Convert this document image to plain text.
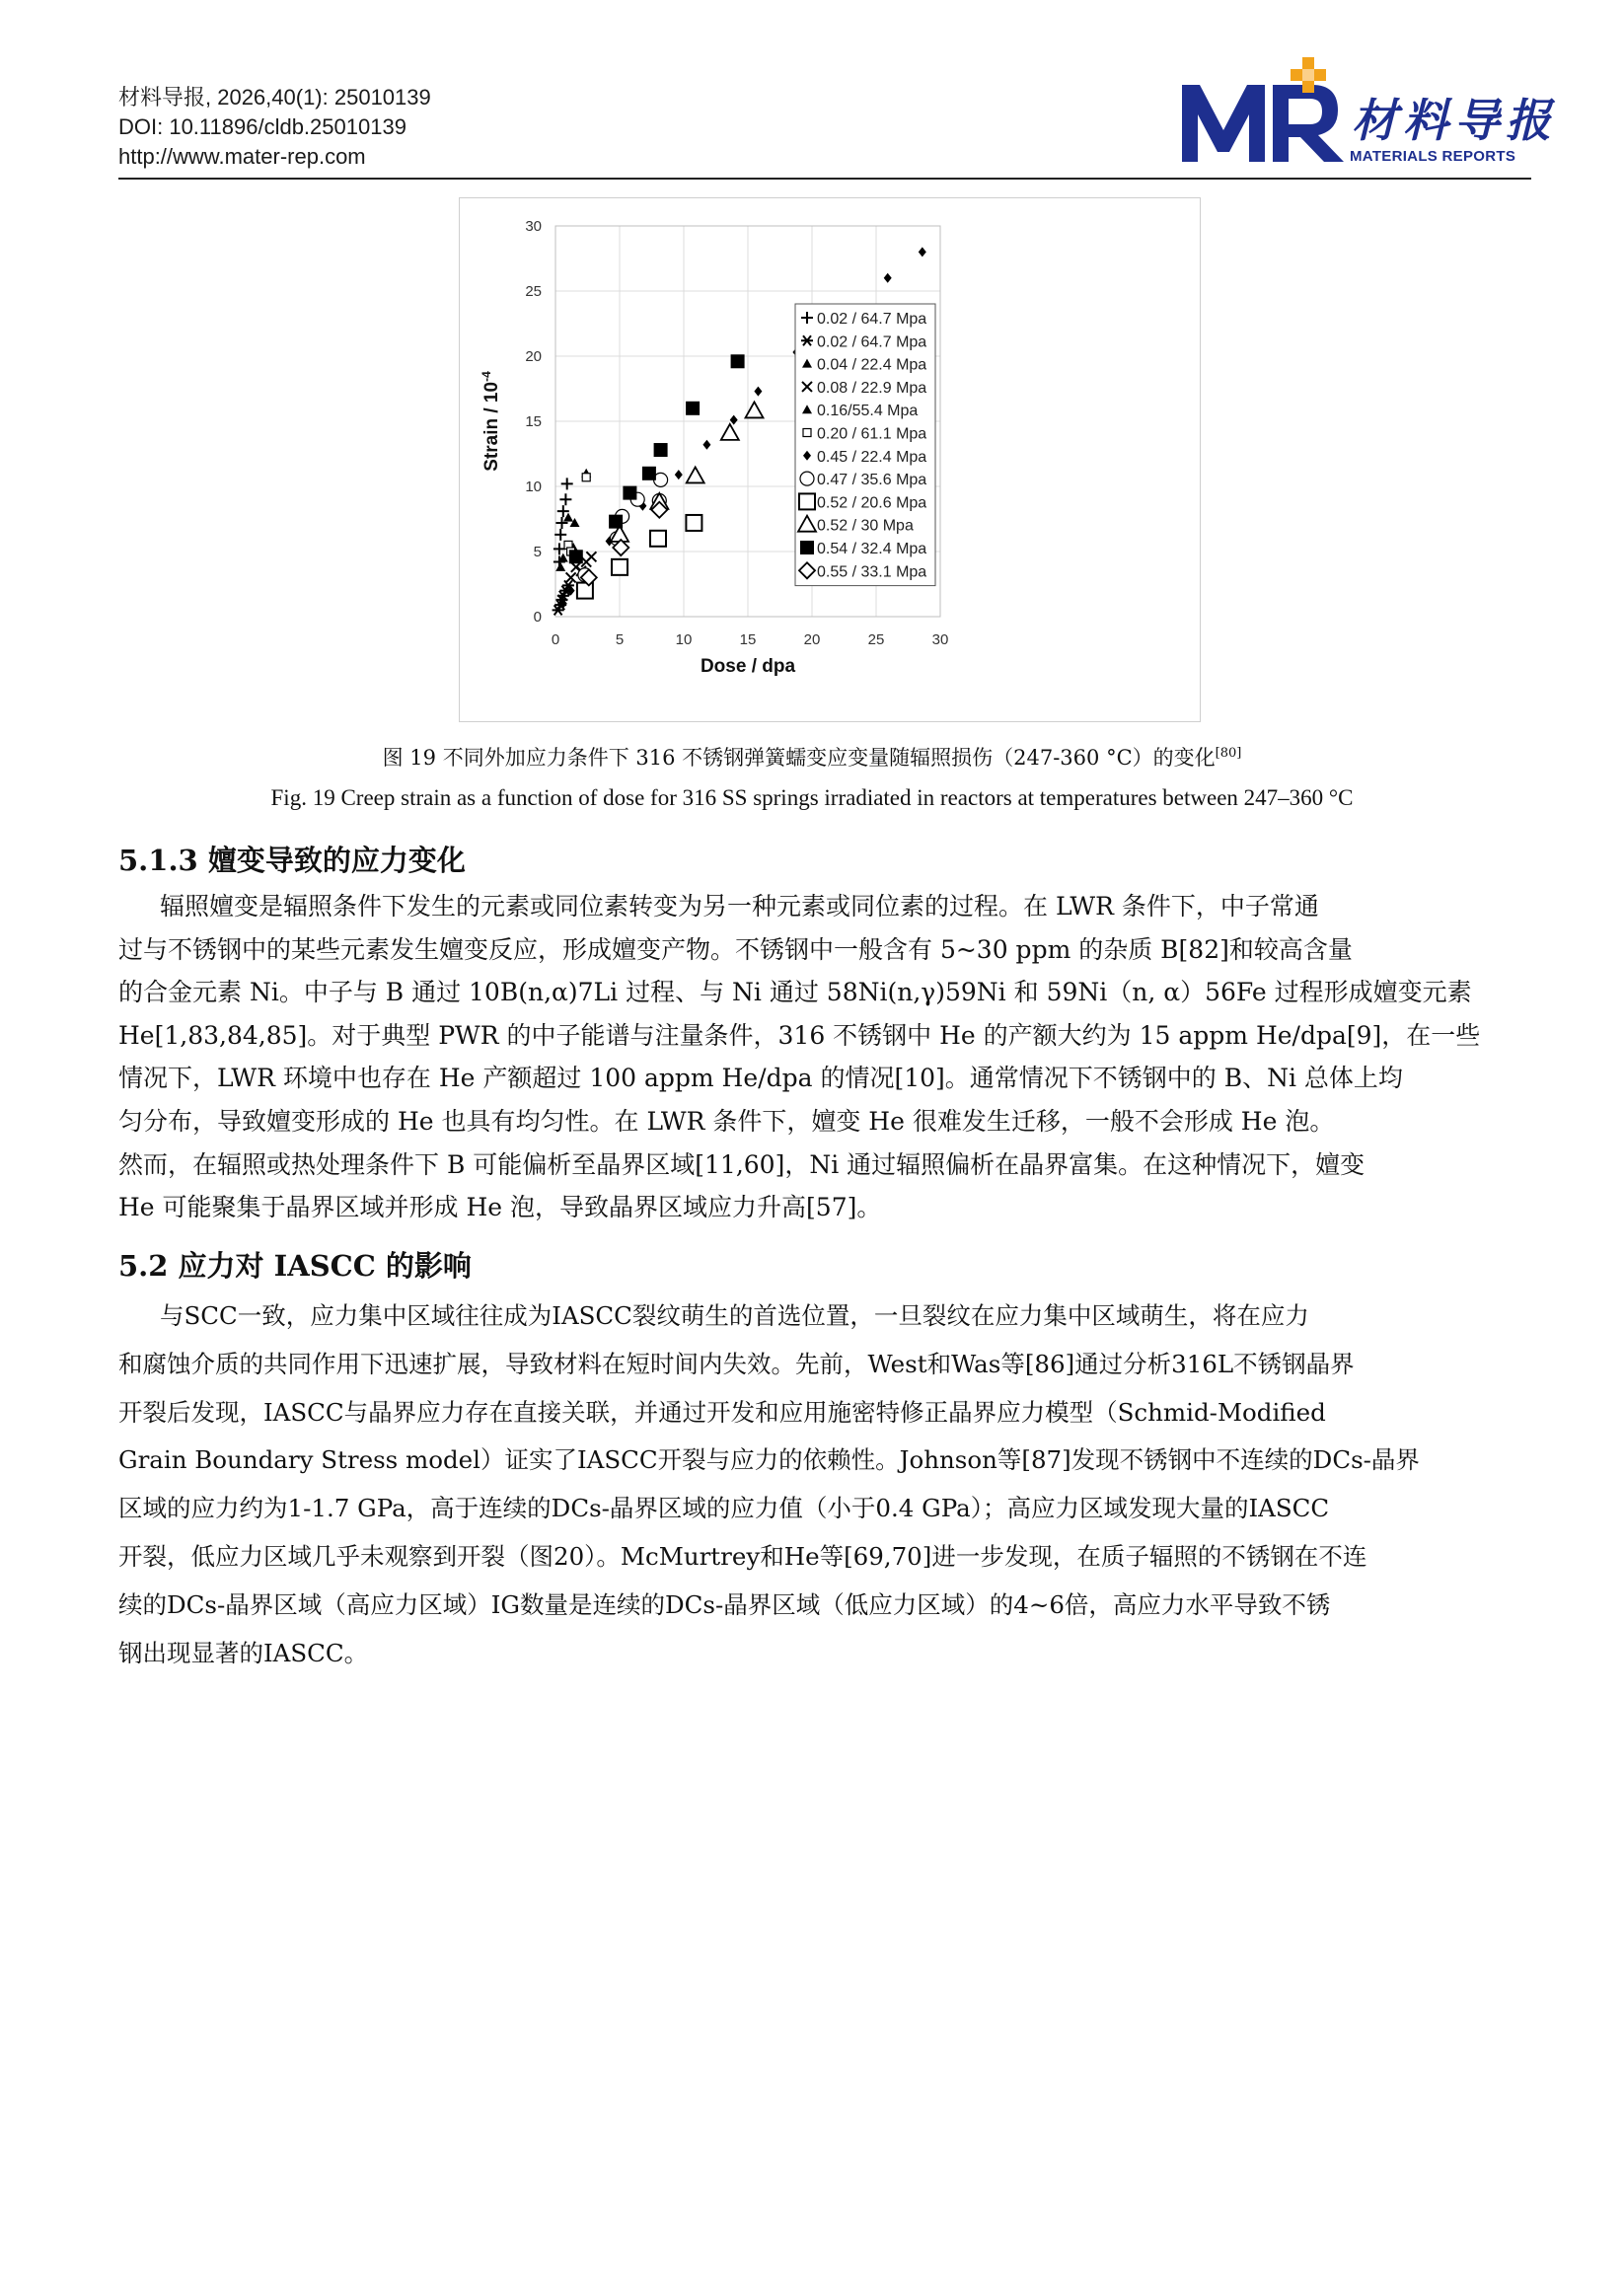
材料导报, 2026,40(1): 25010139
DOI: 10.11896/cldb.25010139
http://www.mater-rep.com
材料导报
MATERIALS REPORTS
0	5	10	15	20	25	30
0
5
10
15
20
25
30
Dose / dpa
Strain / $10^{-4}$
0.02 / 64.7 Mpa
0.02 / 64.7 Mpa
0.04 / 22.4 Mpa
0.08 / 22.9 Mpa
0.16/55.4 Mpa
0.20 / 61.1 Mpa
0.45 / 22.4 Mpa
0.47 / 35.6 Mpa
0.52 / 20.6 Mpa
0.52 / 30 Mpa
0.54 / 32.4 Mpa
0.55 / 33.1 Mpa
图 19 不同外加应力条件下 316 不锈钢弹簧蠕变应变量随辐照损伤（247-360 °C）的变化[80]
Fig. 19 Creep strain as a function of dose for 316 SS springs irradiated in reactors at temperatures between 247–360 °C
5.1.3 嬗变导致的应力变化
辐照嬗变是辐照条件下发生的元素或同位素转变为另一种元素或同位素的过程。在 LWR 条件下，中子常通
过与不锈钢中的某些元素发生嬗变反应，形成嬗变产物。不锈钢中一般含有 5~30 ppm 的杂质 B[82]和较高含量
的合金元素 Ni。中子与 B 通过 10B(n,α)7Li 过程、与 Ni 通过 58Ni(n,γ)59Ni 和 59Ni（n, α）56Fe 过程形成嬗变元素
He[1,83,84,85]。对于典型 PWR 的中子能谱与注量条件，316 不锈钢中 He 的产额大约为 15 appm He/dpa[9]，在一些
情况下，LWR 环境中也存在 He 产额超过 100 appm He/dpa 的情况[10]。通常情况下不锈钢中的 B、Ni 总体上均
匀分布，导致嬗变形成的 He 也具有均匀性。在 LWR 条件下，嬗变 He 很难发生迁移，一般不会形成 He 泡。
然而，在辐照或热处理条件下 B 可能偏析至晶界区域[11,60]，Ni 通过辐照偏析在晶界富集。在这种情况下，嬗变
He 可能聚集于晶界区域并形成 He 泡，导致晶界区域应力升高[57]。
5.2 应力对 IASCC 的影响
与SCC一致，应力集中区域往往成为IASCC裂纹萌生的首选位置，一旦裂纹在应力集中区域萌生，将在应力
和腐蚀介质的共同作用下迅速扩展，导致材料在短时间内失效。先前，West和Was等[86]通过分析316L不锈钢晶界
开裂后发现，IASCC与晶界应力存在直接关联，并通过开发和应用施密特修正晶界应力模型（Schmid-Modified
Grain Boundary Stress model）证实了IASCC开裂与应力的依赖性。Johnson等[87]发现不锈钢中不连续的DCs-晶界
区域的应力约为1-1.7 GPa，高于连续的DCs-晶界区域的应力值（小于0.4 GPa）；高应力区域发现大量的IASCC
开裂，低应力区域几乎未观察到开裂（图20）。McMurtrey和He等[69,70]进一步发现，在质子辐照的不锈钢在不连
续的DCs-晶界区域（高应力区域）IG数量是连续的DCs-晶界区域（低应力区域）的4~6倍，高应力水平导致不锈
钢出现显著的IASCC。
